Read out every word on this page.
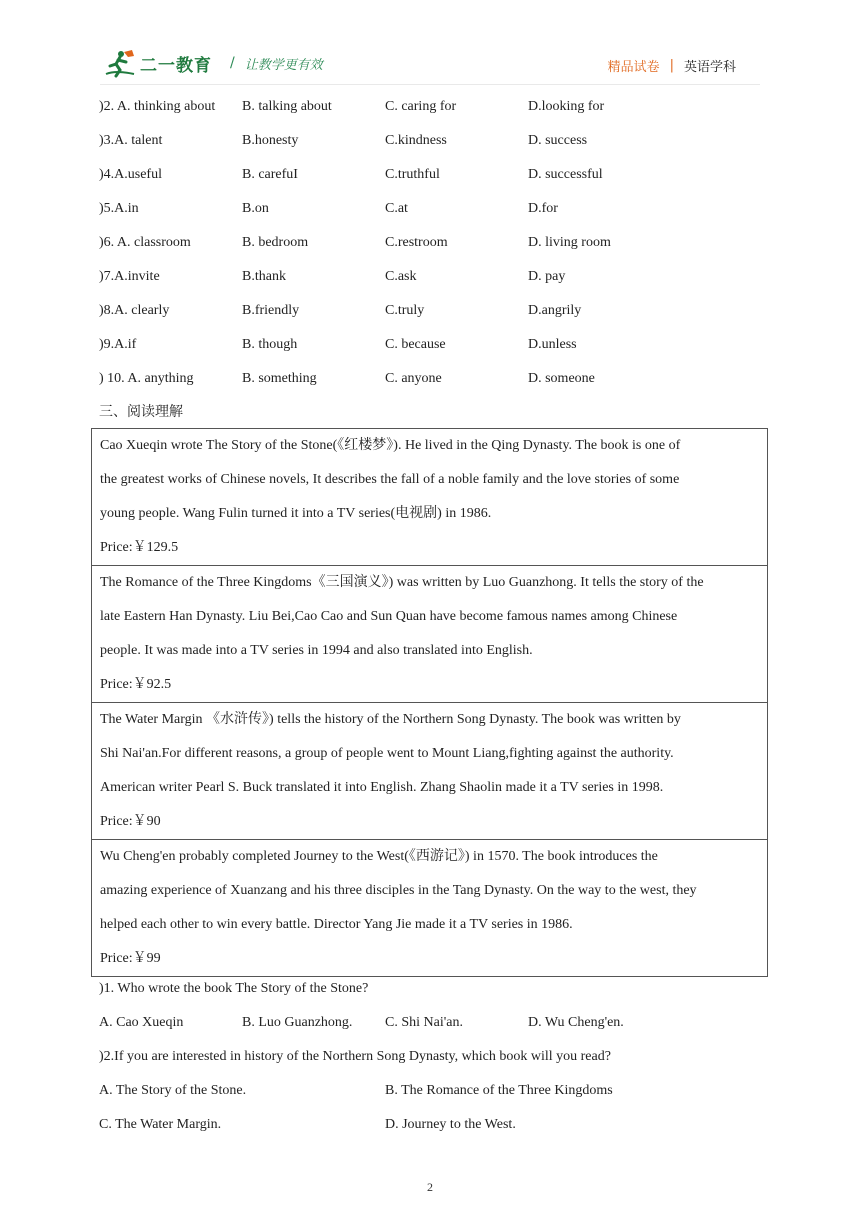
二一教育 / 让教学更有效	精品试卷 | 英语学科
)2. A. thinking about B. talking about	C. caring for	D.looking for
)3.A. talent	B.honesty	C.kindness	D. success
)4.A.useful	B. carefuI	C.truthful	D. successful
)5.A.in	B.on	C.at	D.for
)6. A. classroom	B. bedroom	C.restroom	D. living room
)7.A.invite	B.thank	C.ask	D. pay
)8.A. clearly	B.friendly	C.truly	D.angrily
)9.A.if	B. though	C. because	D.unless
) 10. A. anything	B. something	C. anyone	D. someone
三、阅读理解

Cao Xueqin wrote The Story of the Stone(《红楼梦》). He lived in the Qing Dynasty. The book is one of

the greatest works of Chinese novels, It describes the fall of a noble family and the love stories of some

young people. Wang Fulin turned it into a TV series(电视剧) in 1986.

Price:￥129.5

The Romance of the Three Kingdoms《三国演义》) was written by Luo Guanzhong. It tells the story of the

late Eastern Han Dynasty. Liu Bei,Cao Cao and Sun Quan have become famous names among Chinese

people. It was made into a TV series in 1994 and also translated into English.

Price:￥92.5

The Water Margin 《水浒传》) tells the history of the Northern Song Dynasty. The book was written by

Shi Nai'an.For different reasons, a group of people went to Mount Liang,fighting against the authority.

American writer Pearl S. Buck translated it into English. Zhang Shaolin made it a TV series in 1998.

Price:￥90

Wu Cheng'en probably completed Journey to the West(《西游记》) in 1570. The book introduces the

amazing experience of Xuanzang and his three disciples in the Tang Dynasty. On the way to the west, they

helped each other to win every battle. Director Yang Jie made it a TV series in 1986.

Price:￥99
)1. Who wrote the book The Story of the Stone?
A. Cao Xueqin	B. Luo Guanzhong. C. Shi Nai'an.	D. Wu Cheng'en.
)2.If you are interested in history of the Northern Song Dynasty, which book will you read?
A. The Story of the Stone.	B. The Romance of the Three Kingdoms
C. The Water Margin.	D. Journey to the West.
2
